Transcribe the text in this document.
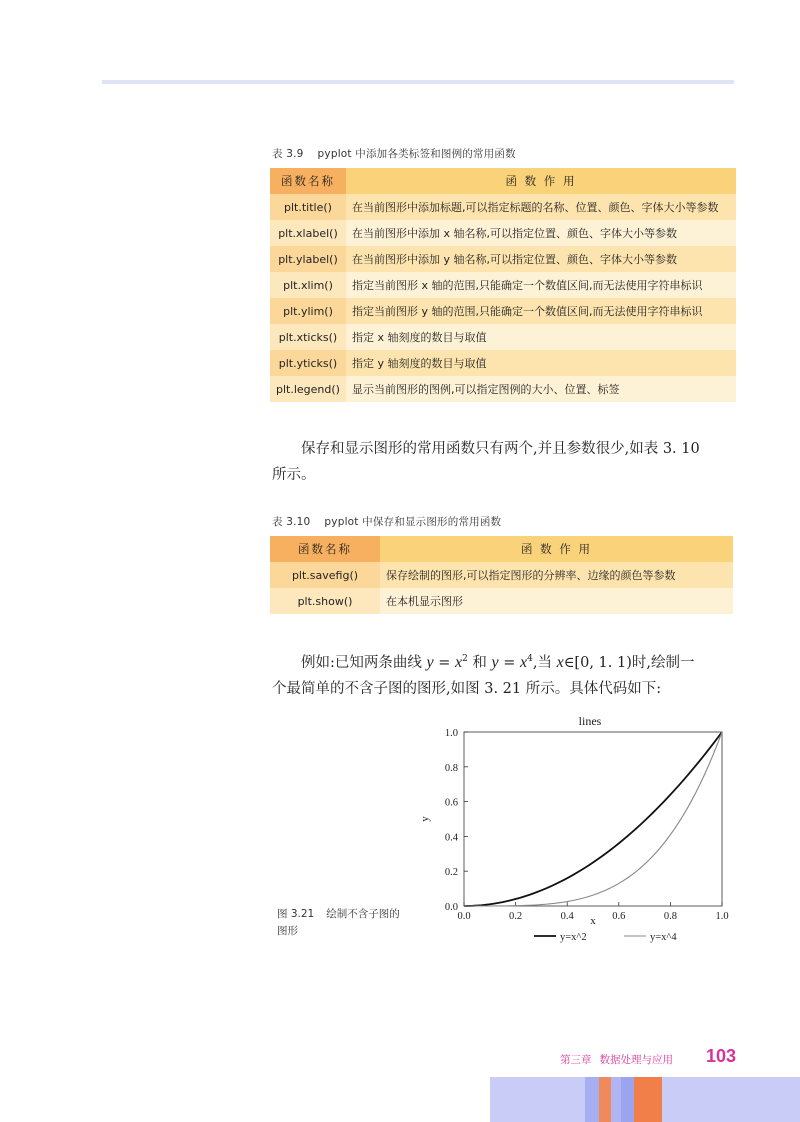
表 3.9 pyplot 中添加各类标签和图例的常用函数
函数名称	函 数 作 用
plt.title()	在当前图形中添加标题,可以指定标题的名称、位置、颜色、字体大小等参数
plt.xlabel()	在当前图形中添加 x 轴名称,可以指定位置、颜色、字体大小等参数
plt.ylabel()	在当前图形中添加 y 轴名称,可以指定位置、颜色、字体大小等参数
plt.xlim()	指定当前图形 x 轴的范围,只能确定一个数值区间,而无法使用字符串标识
plt.ylim()	指定当前图形 y 轴的范围,只能确定一个数值区间,而无法使用字符串标识
plt.xticks()	指定 x 轴刻度的数目与取值
plt.yticks()	指定 y 轴刻度的数目与取值
plt.legend()	显示当前图形的图例,可以指定图例的大小、位置、标签

保存和显示图形的常用函数只有两个,并且参数很少,如表 3. 10

所示。

表 3.10 pyplot 中保存和显示图形的常用函数
函数名称	函 数 作 用
plt.savefig()	保存绘制的图形,可以指定图形的分辨率、边缘的颜色等参数
plt.show()	在本机显示图形

例如:已知两条曲线 $y = x^2$ 和 $y = x^4$,当 x∈[0, 1. 1)时,绘制一

个最简单的不含子图的图形,如图 3. 21 所示。具体代码如下:

图 3.21 绘制不含子图的
图形
lines
0.0
0.2
0.4
0.6
0.8
1.0
0.0	0.2	0.4	0.6	0.8	1.0
y
x
y=x^2	y=x^4
第三章 数据处理与应用 103
